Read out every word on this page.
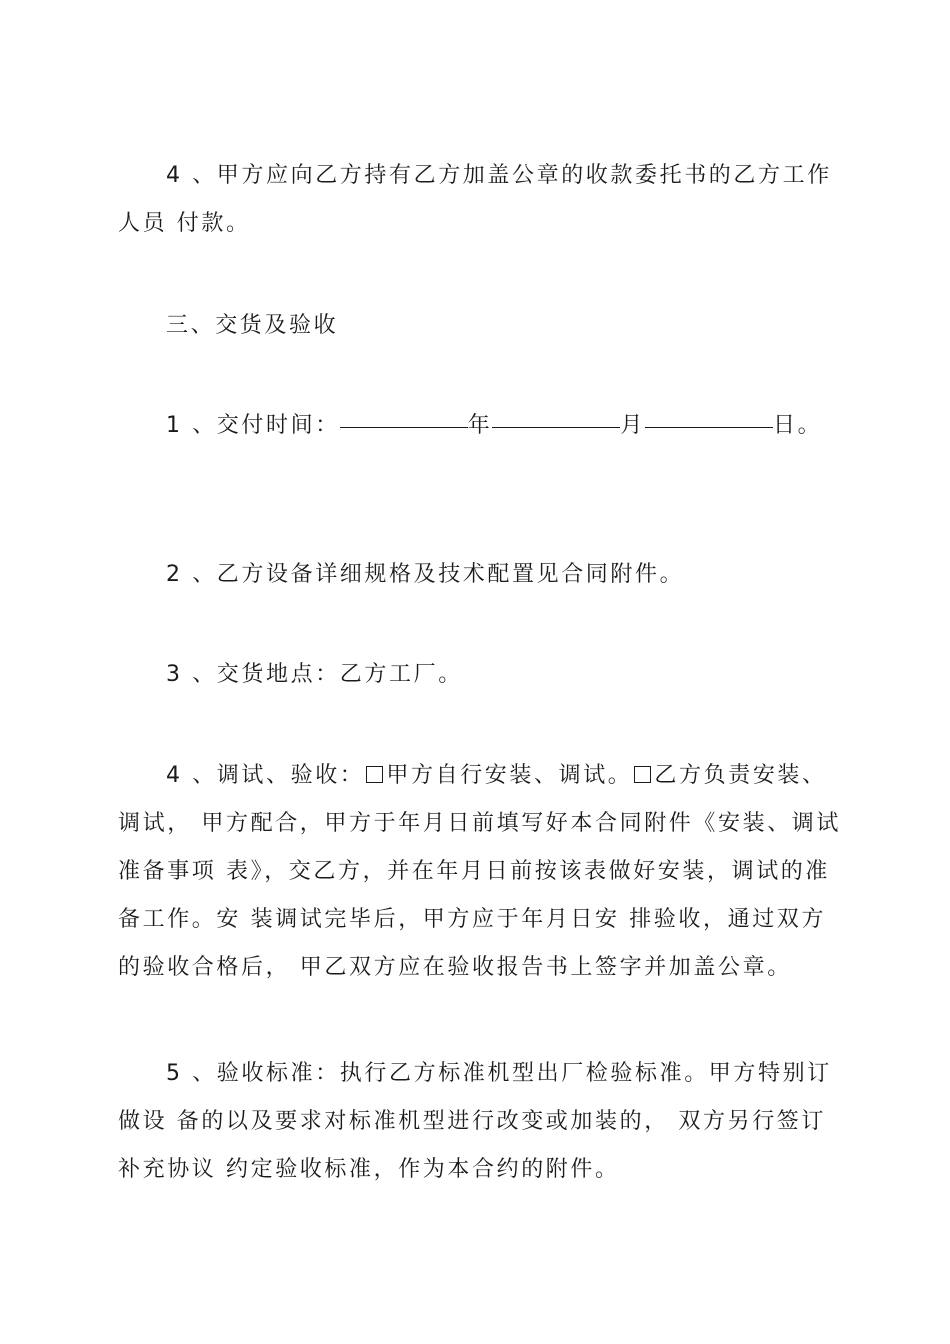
4 、甲方应向乙方持有乙方加盖公章的收款委托书的乙方工作
人员 付款。
三、交货及验收
1 、交付时间：	年	月	日。
2 、乙方设备详细规格及技术配置见合同附件。
3 、交货地点：乙方工厂。
4 、调试、验收： 甲方自行安装、调试。 乙方负责安装、
调试， 甲方配合，甲方于年月日前填写好本合同附件《安装、调试
准备事项 表》，交乙方，并在年月日前按该表做好安装，调试的准
备工作。安 装调试完毕后，甲方应于年月日安 排验收，通过双方
的验收合格后， 甲乙双方应在验收报告书上签字并加盖公章。
5 、验收标准：执行乙方标准机型出厂检验标准。甲方特别订
做设 备的以及要求对标准机型进行改变或加装的， 双方另行签订
补充协议 约定验收标准，作为本合约的附件。
